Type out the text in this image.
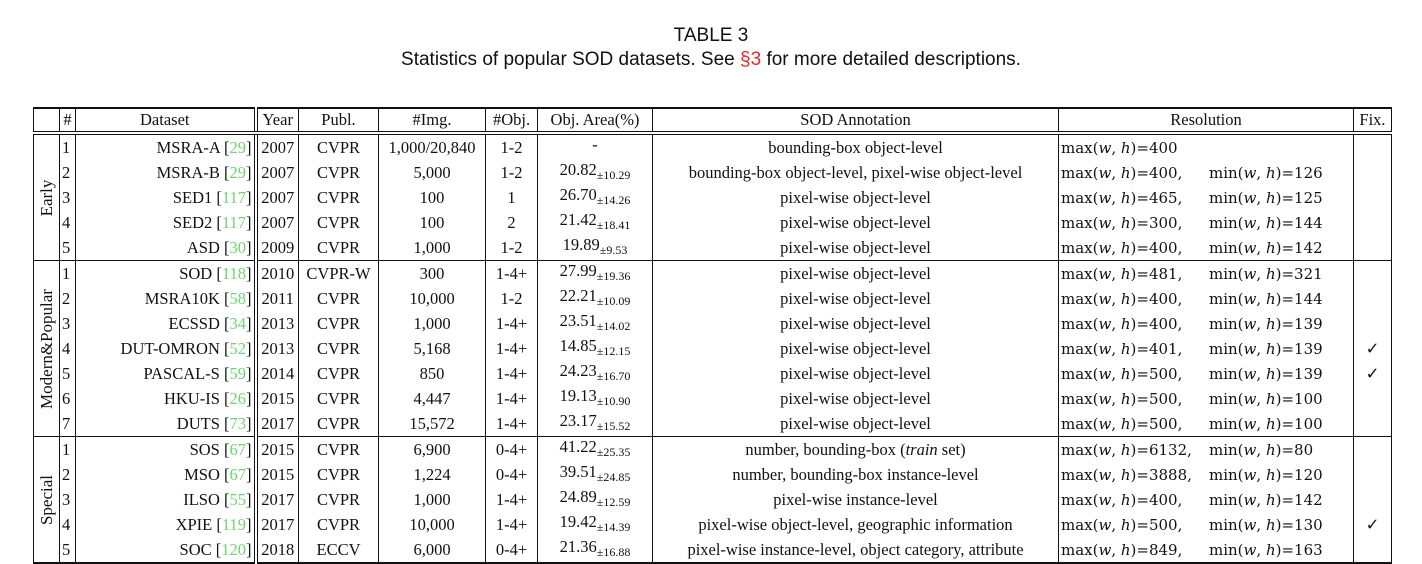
TABLE 3
Statistics of popular SOD datasets. See §3 for more detailed descriptions.
	#	Dataset	Year	Publ.	#Img.	#Obj.	Obj. Area(%)	SOD Annotation	Resolution	Fix.

Early	1	MSRA-A [29]	2007	CVPR	1,000/20,840	1-2	-	bounding-box object-level	max(w, h)=400	
	2	MSRA-B [29]	2007	CVPR	5,000	1-2	$20.82_{\pm 10.29}$	bounding-box object-level, pixel-wise object-level	max(w, h)=400, min(w, h)=126	
	3	SED1 [117]	2007	CVPR	100	1	$26.70_{\pm 14.26}$	pixel-wise object-level	max(w, h)=465, min(w, h)=125	
	4	SED2 [117]	2007	CVPR	100	2	$21.42_{\pm 18.41}$	pixel-wise object-level	max(w, h)=300, min(w, h)=144	
	5	ASD [30]	2009	CVPR	1,000	1-2	$19.89_{\pm 9.53}$	pixel-wise object-level	max(w, h)=400, min(w, h)=142	

Modern&Popular	1	SOD [118]	2010	CVPR-W	300	1-4+	$27.99_{\pm 19.36}$	pixel-wise object-level	max(w, h)=481, min(w, h)=321	
	2	MSRA10K [58]	2011	CVPR	10,000	1-2	$22.21_{\pm 10.09}$	pixel-wise object-level	max(w, h)=400, min(w, h)=144	
	3	ECSSD [34]	2013	CVPR	1,000	1-4+	$23.51_{\pm 14.02}$	pixel-wise object-level	max(w, h)=400, min(w, h)=139	
	4	DUT-OMRON [52]	2013	CVPR	5,168	1-4+	$14.85_{\pm 12.15}$	pixel-wise object-level	max(w, h)=401, min(w, h)=139	✓
	5	PASCAL-S [59]	2014	CVPR	850	1-4+	$24.23_{\pm 16.70}$	pixel-wise object-level	max(w, h)=500, min(w, h)=139	✓
	6	HKU-IS [26]	2015	CVPR	4,447	1-4+	$19.13_{\pm 10.90}$	pixel-wise object-level	max(w, h)=500, min(w, h)=100	
	7	DUTS [73]	2017	CVPR	15,572	1-4+	$23.17_{\pm 15.52}$	pixel-wise object-level	max(w, h)=500, min(w, h)=100	

Special	1	SOS [67]	2015	CVPR	6,900	0-4+	$41.22_{\pm 25.35}$	number, bounding-box (train set)	max(w, h)=6132, min(w, h)=80	
	2	MSO [67]	2015	CVPR	1,224	0-4+	$39.51_{\pm 24.85}$	number, bounding-box instance-level	max(w, h)=3888, min(w, h)=120	
	3	ILSO [55]	2017	CVPR	1,000	1-4+	$24.89_{\pm 12.59}$	pixel-wise instance-level	max(w, h)=400, min(w, h)=142	
	4	XPIE [119]	2017	CVPR	10,000	1-4+	$19.42_{\pm 14.39}$	pixel-wise object-level, geographic information	max(w, h)=500, min(w, h)=130	✓
	5	SOC [120]	2018	ECCV	6,000	0-4+	$21.36_{\pm 16.88}$	pixel-wise instance-level, object category, attribute	max(w, h)=849, min(w, h)=163	
